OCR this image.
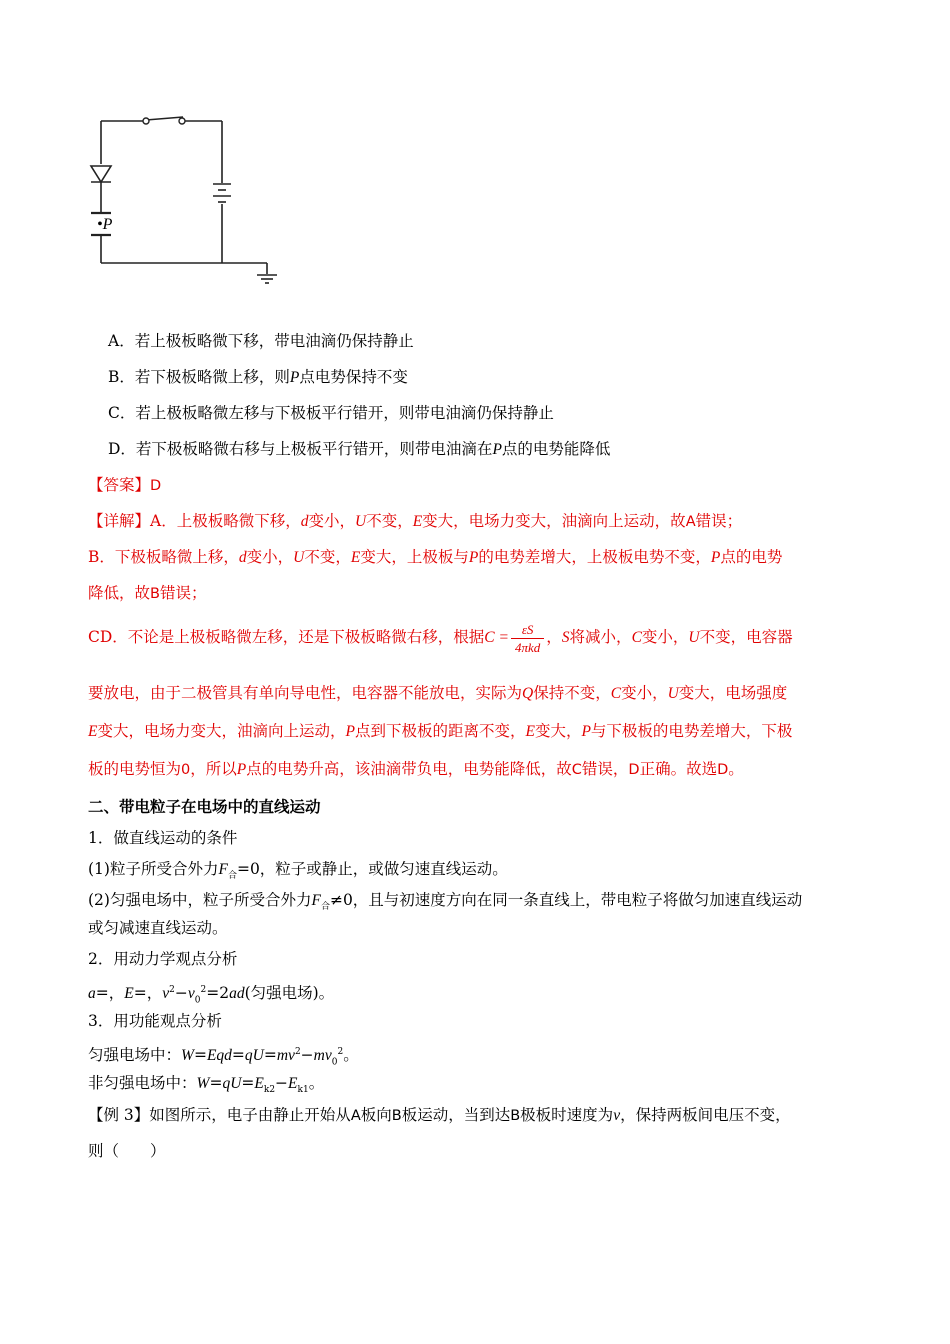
•P
A．若上极板略微下移，带电油滴仍保持静止
B．若下极板略微上移，则P点电势保持不变
C．若上极板略微左移与下极板平行错开，则带电油滴仍保持静止
D．若下极板略微右移与上极板平行错开，则带电油滴在P点的电势能降低
【答案】D
【详解】A．上极板略微下移，d变小，U不变，E变大，电场力变大，油滴向上运动，故A错误；
B．下极板略微上移，d变小，U不变，E变大，上极板与P的电势差增大，上极板电势不变，P点的电势
降低，故B错误；
CD．不论是上极板略微左移，还是下极板略微右移，根据$C = \frac{\varepsilon S}{\text{4πkd}}$ ，S将减小，C变小，U不变，电容器
要放电，由于二极管具有单向导电性，电容器不能放电，实际为Q保持不变，C变小，U变大，电场强度
E变大，电场力变大，油滴向上运动，P点到下极板的距离不变，E变大，P与下极板的电势差增大，下极
板的电势恒为0，所以P点的电势升高，该油滴带负电，电势能降低，故C错误，D正确。故选D。
二、带电粒子在电场中的直线运动
1．做直线运动的条件
(1)粒子所受合外力$F_合=0$，粒子或静止，或做匀速直线运动。
(2)匀强电场中，粒子所受合外力$F_合\ne 0$，且与初速度方向在同一条直线上，带电粒子将做匀加速直线运动
或匀减速直线运动。
2．用动力学观点分析
a=，E=，$v^2-v_0^2=2ad$(匀强电场)。
3．用功能观点分析
匀强电场中：$W=Eqd=qU=mv^2-mv_0^2$。
非匀强电场中：$W=qU=E_{k2}-E_{k1}$。
【例 3】如图所示，电子由静止开始从A板向B板运动，当到达B极板时速度为v，保持两板间电压不变，
则（　　）
